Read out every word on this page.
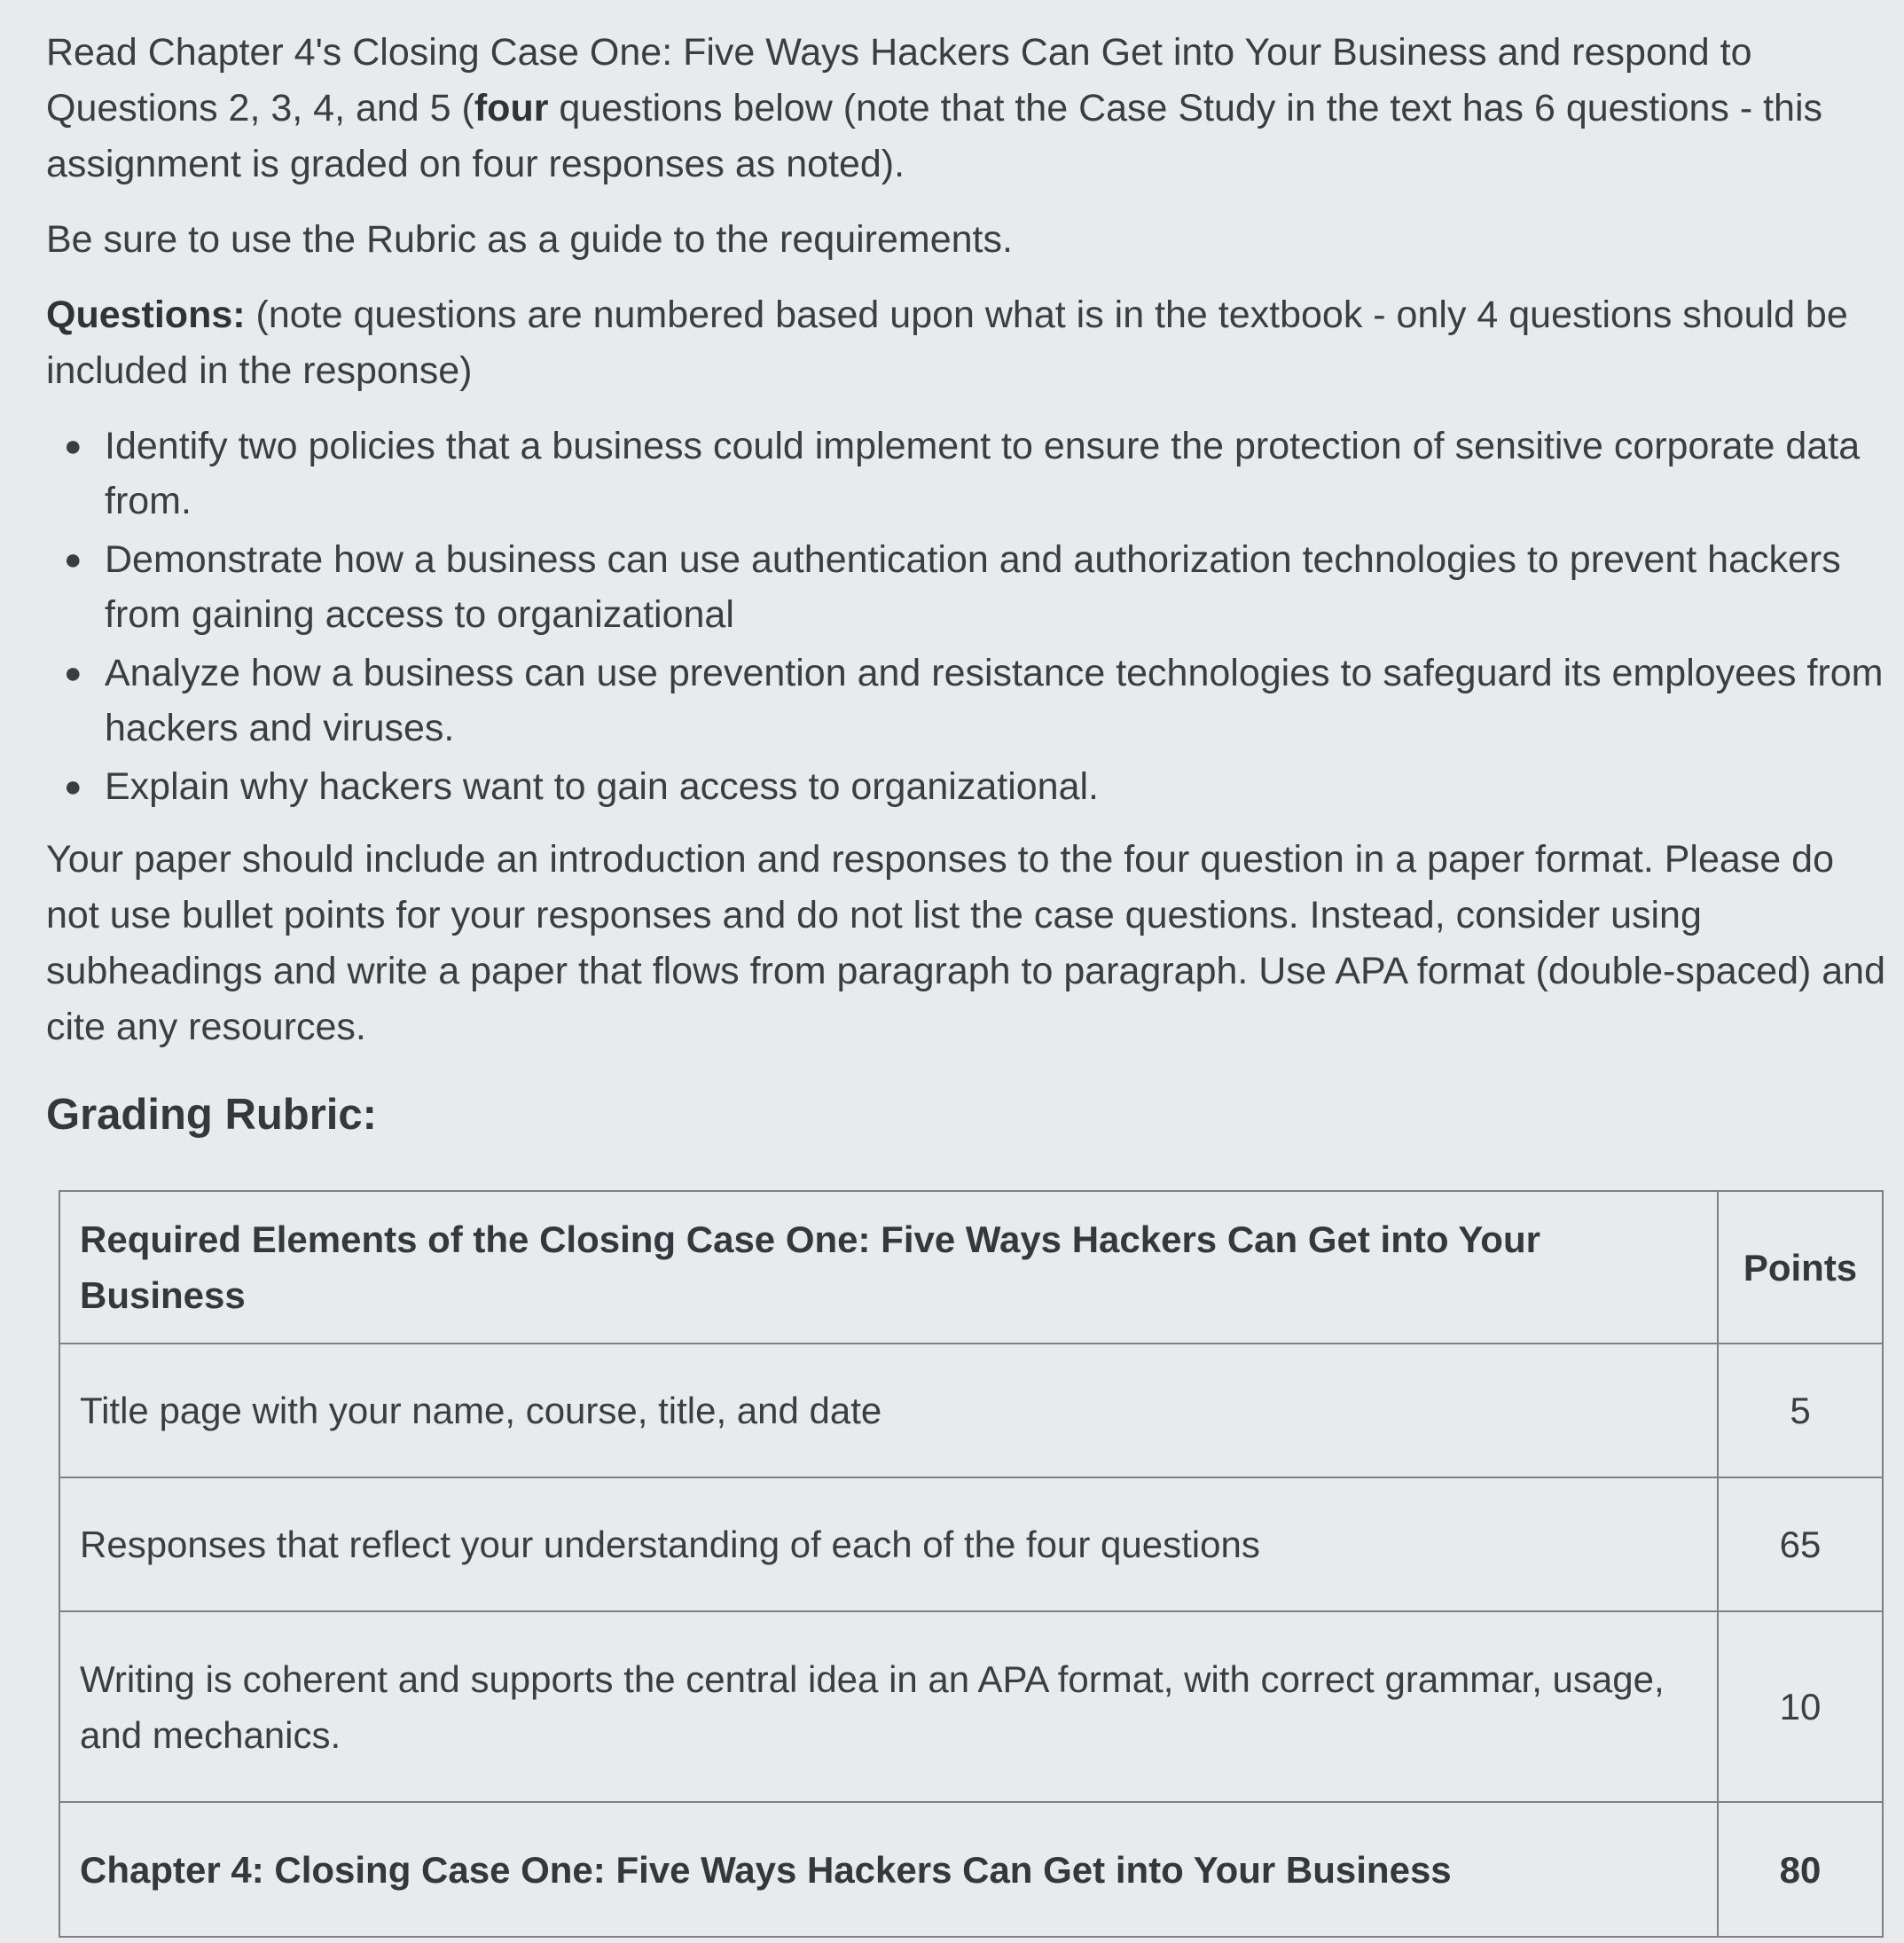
Read Chapter 4's Closing Case One: Five Ways Hackers Can Get into Your Business and respond to Questions 2, 3, 4, and 5 (four questions below (note that the Case Study in the text has 6 questions - this assignment is graded on four responses as noted).

Be sure to use the Rubric as a guide to the requirements.

Questions: (note questions are numbered based upon what is in the textbook - only 4 questions should be included in the response)

● Identify two policies that a business could implement to ensure the protection of sensitive corporate data from.
● Demonstrate how a business can use authentication and authorization technologies to prevent hackers from gaining access to organizational
● Analyze how a business can use prevention and resistance technologies to safeguard its employees from hackers and viruses.
● Explain why hackers want to gain access to organizational.

Your paper should include an introduction and responses to the four question in a paper format. Please do not use bullet points for your responses and do not list the case questions. Instead, consider using subheadings and write a paper that flows from paragraph to paragraph. Use APA format (double-spaced) and cite any resources.

Grading Rubric:
Required Elements of the Closing Case One: Five Ways Hackers Can Get into Your Business	Points
Title page with your name, course, title, and date	5
Responses that reflect your understanding of each of the four questions	65
Writing is coherent and supports the central idea in an APA format, with correct grammar, usage, and mechanics.	10
Chapter 4: Closing Case One: Five Ways Hackers Can Get into Your Business	80
